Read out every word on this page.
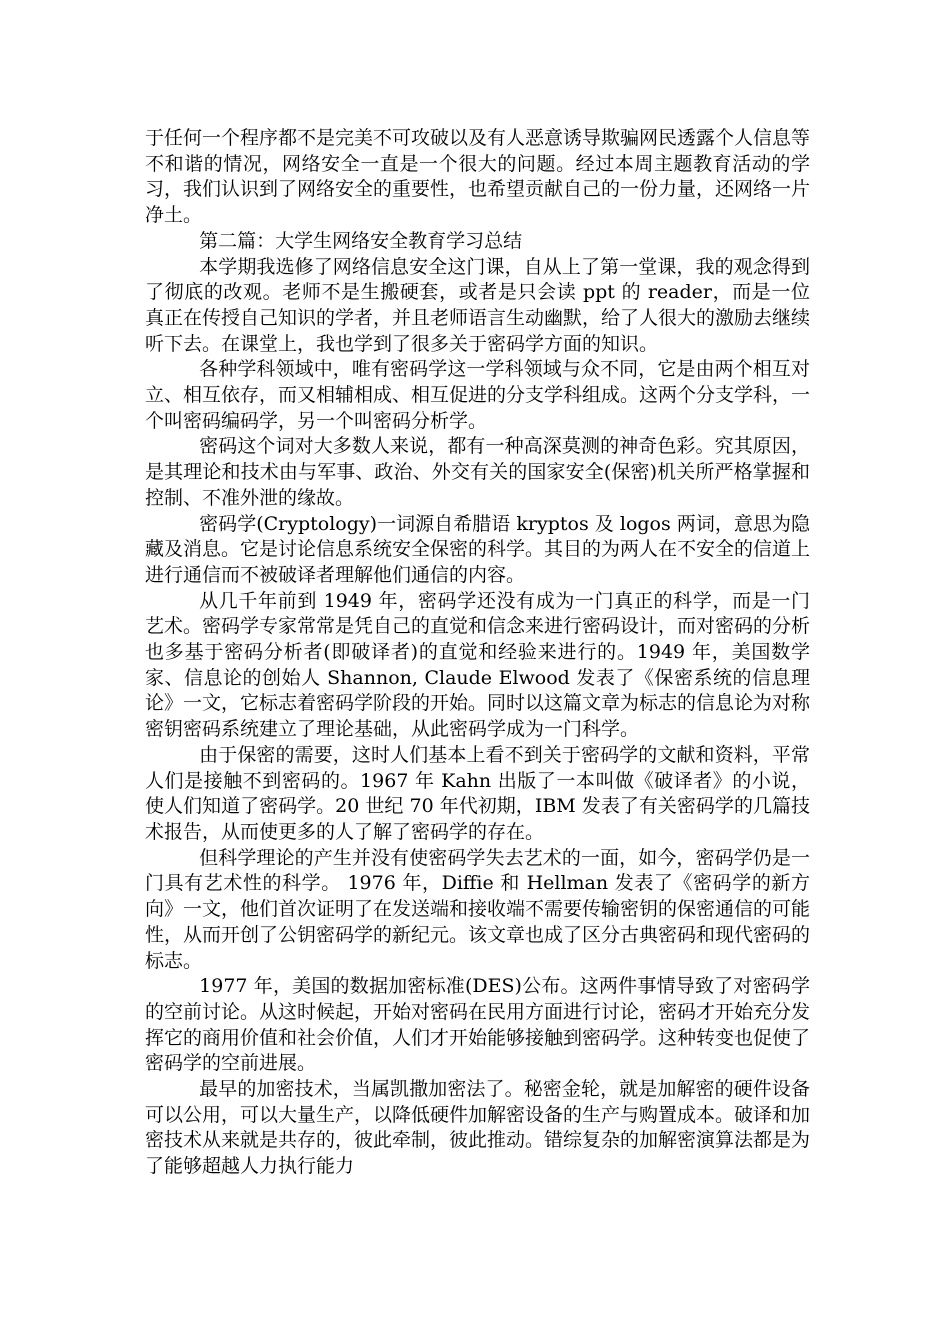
于任何一个程序都不是完美不可攻破以及有人恶意诱导欺骗网民透露个人信息等不和谐的情况，网络安全一直是一个很大的问题。经过本周主题教育活动的学习，我们认识到了网络安全的重要性，也希望贡献自己的一份力量，还网络一片净土。

第二篇：大学生网络安全教育学习总结

本学期我选修了网络信息安全这门课，自从上了第一堂课，我的观念得到了彻底的改观。老师不是生搬硬套，或者是只会读 ppt 的 reader，而是一位真正在传授自己知识的学者，并且老师语言生动幽默，给了人很大的激励去继续听下去。在课堂上，我也学到了很多关于密码学方面的知识。

各种学科领域中，唯有密码学这一学科领域与众不同，它是由两个相互对立、相互依存，而又相辅相成、相互促进的分支学科组成。这两个分支学科，一个叫密码编码学，另一个叫密码分析学。

密码这个词对大多数人来说，都有一种高深莫测的神奇色彩。究其原因，是其理论和技术由与军事、政治、外交有关的国家安全(保密)机关所严格掌握和控制、不准外泄的缘故。

密码学(Cryptology)一词源自希腊语 kryptos 及 logos 两词，意思为隐藏及消息。它是讨论信息系统安全保密的科学。其目的为两人在不安全的信道上进行通信而不被破译者理解他们通信的内容。

从几千年前到 1949 年，密码学还没有成为一门真正的科学，而是一门艺术。密码学专家常常是凭自己的直觉和信念来进行密码设计，而对密码的分析也多基于密码分析者(即破译者)的直觉和经验来进行的。1949 年，美国数学家、信息论的创始人 Shannon, Claude Elwood 发表了《保密系统的信息理论》一文，它标志着密码学阶段的开始。同时以这篇文章为标志的信息论为对称密钥密码系统建立了理论基础，从此密码学成为一门科学。

由于保密的需要，这时人们基本上看不到关于密码学的文献和资料，平常人们是接触不到密码的。1967 年 Kahn 出版了一本叫做《破译者》的小说，使人们知道了密码学。20 世纪 70 年代初期，IBM 发表了有关密码学的几篇技术报告，从而使更多的人了解了密码学的存在。

但科学理论的产生并没有使密码学失去艺术的一面，如今，密码学仍是一门具有艺术性的科学。 1976 年，Diffie 和 Hellman 发表了《密码学的新方向》一文，他们首次证明了在发送端和接收端不需要传输密钥的保密通信的可能性，从而开创了公钥密码学的新纪元。该文章也成了区分古典密码和现代密码的标志。

1977 年，美国的数据加密标准(DES)公布。这两件事情导致了对密码学的空前讨论。从这时候起，开始对密码在民用方面进行讨论，密码才开始充分发挥它的商用价值和社会价值，人们才开始能够接触到密码学。这种转变也促使了密码学的空前进展。

最早的加密技术，当属凯撒加密法了。秘密金轮，就是加解密的硬件设备可以公用，可以大量生产，以降低硬件加解密设备的生产与购置成本。破译和加密技术从来就是共存的，彼此牵制，彼此推动。错综复杂的加解密演算法都是为了能够超越人力执行能力
